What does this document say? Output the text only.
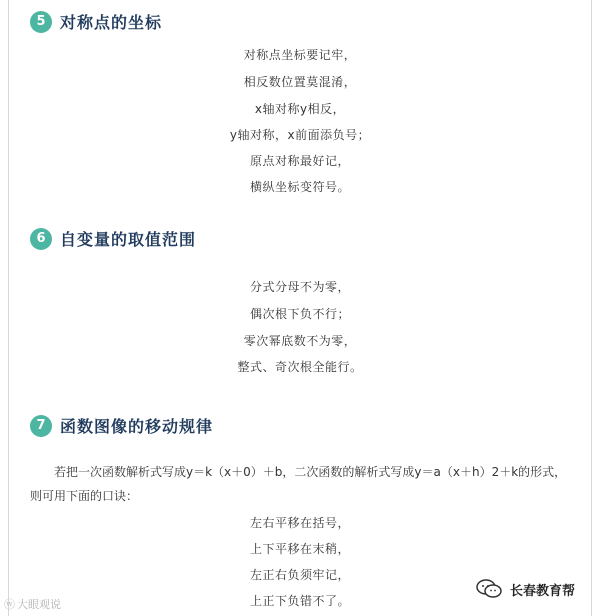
5 对称点的坐标
对称点坐标要记牢，
相反数位置莫混淆，
x轴对称y相反，
y轴对称，x前面添负号；
原点对称最好记，
横纵坐标变符号。
6 自变量的取值范围
分式分母不为零，
偶次根下负不行；
零次幂底数不为零，
整式、奇次根全能行。
7 函数图像的移动规律
若把一次函数解析式写成y＝k（x＋0）＋b，二次函数的解析式写成y＝a（x＋h）2＋k的形式，则可用下面的口诀：
左右平移在括号，
上下平移在末稍，
左正右负须牢记，
上正下负错不了。
ⓦ 大眼观说
长春教育帮
